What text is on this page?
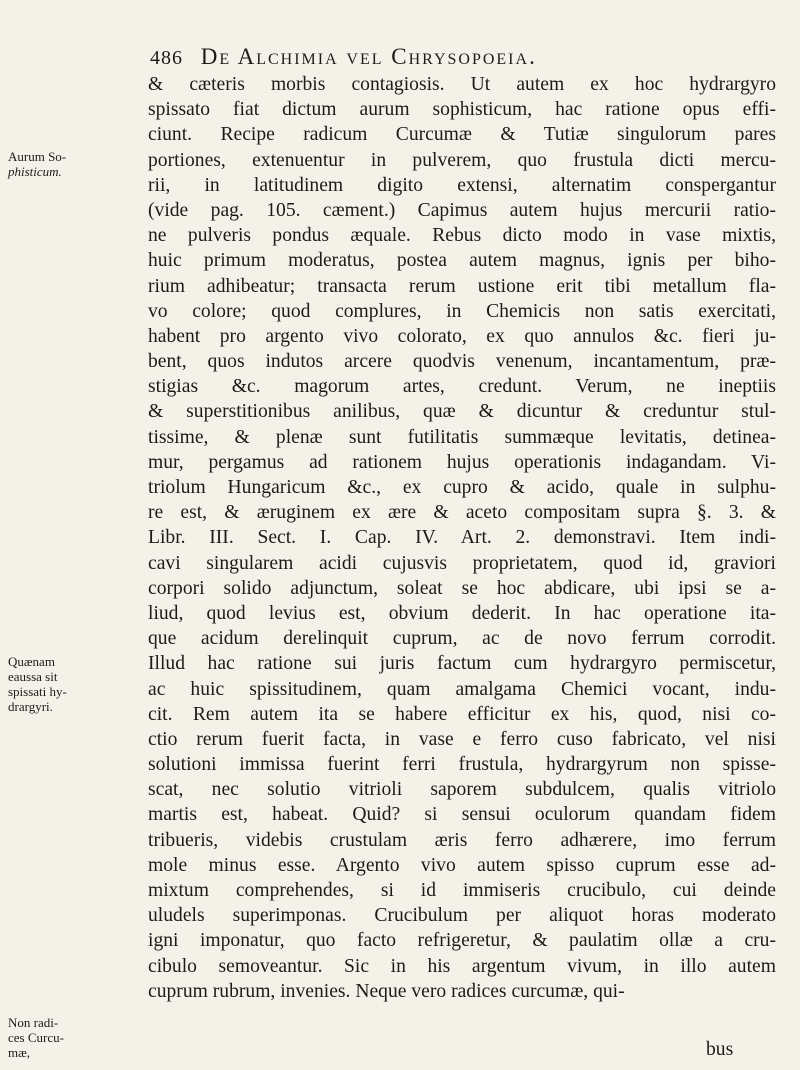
486 De Alchimia vel Chrysopoeia.
& cæteris morbis contagiosis. Ut autem ex hoc hydrargyro
spissato fiat dictum aurum sophisticum, hac ratione opus effi-
ciunt. Recipe radicum Curcumæ & Tutiæ singulorum pares
portiones, extenuentur in pulverem, quo frustula dicti mercu-
rii, in latitudinem digito extensi, alternatim conspergantur
(vide pag. 105. cæment.) Capimus autem hujus mercurii ratio-
ne pulveris pondus æquale. Rebus dicto modo in vase mixtis,
huic primum moderatus, postea autem magnus, ignis per biho-
rium adhibeatur; transacta rerum ustione erit tibi metallum fla-
vo colore; quod complures, in Chemicis non satis exercitati,
habent pro argento vivo colorato, ex quo annulos &c. fieri ju-
bent, quos indutos arcere quodvis venenum, incantamentum, præ-
stigias &c. magorum artes, credunt. Verum, ne ineptiis
& superstitionibus anilibus, quæ & dicuntur & creduntur stul-
tissime, & plenæ sunt futilitatis summæque levitatis, detinea-
mur, pergamus ad rationem hujus operationis indagandam. Vi-
triolum Hungaricum &c., ex cupro & acido, quale in sulphu-
re est, & æruginem ex ære & aceto compositam supra §. 3. &
Libr. III. Sect. I. Cap. IV. Art. 2. demonstravi. Item indi-
cavi singularem acidi cujusvis proprietatem, quod id, graviori
corpori solido adjunctum, soleat se hoc abdicare, ubi ipsi se a-
liud, quod levius est, obvium dederit. In hac operatione ita-
que acidum derelinquit cuprum, ac de novo ferrum corrodit.
Illud hac ratione sui juris factum cum hydrargyro permiscetur,
ac huic spissitudinem, quam amalgama Chemici vocant, indu-
cit. Rem autem ita se habere efficitur ex his, quod, nisi co-
ctio rerum fuerit facta, in vase e ferro cuso fabricato, vel nisi
solutioni immissa fuerint ferri frustula, hydrargyrum non spisse-
scat, nec solutio vitrioli saporem subdulcem, qualis vitriolo
martis est, habeat. Quid? si sensui oculorum quandam fidem
tribueris, videbis crustulam æris ferro adhærere, imo ferrum
mole minus esse. Argento vivo autem spisso cuprum esse ad-
mixtum comprehendes, si id immiseris crucibulo, cui deinde
uludels superimponas. Crucibulum per aliquot horas moderato
igni imponatur, quo facto refrigeretur, & paulatim ollæ a cru-
cibulo semoveantur. Sic in his argentum vivum, in illo autem
cuprum rubrum, invenies. Neque vero radices curcumæ, qui-
Aurum So-
phisticum.
Quænam
eaussa sit
spissati hy-
drargyri.
Non radi-
ces Curcu-
mæ,	bus
